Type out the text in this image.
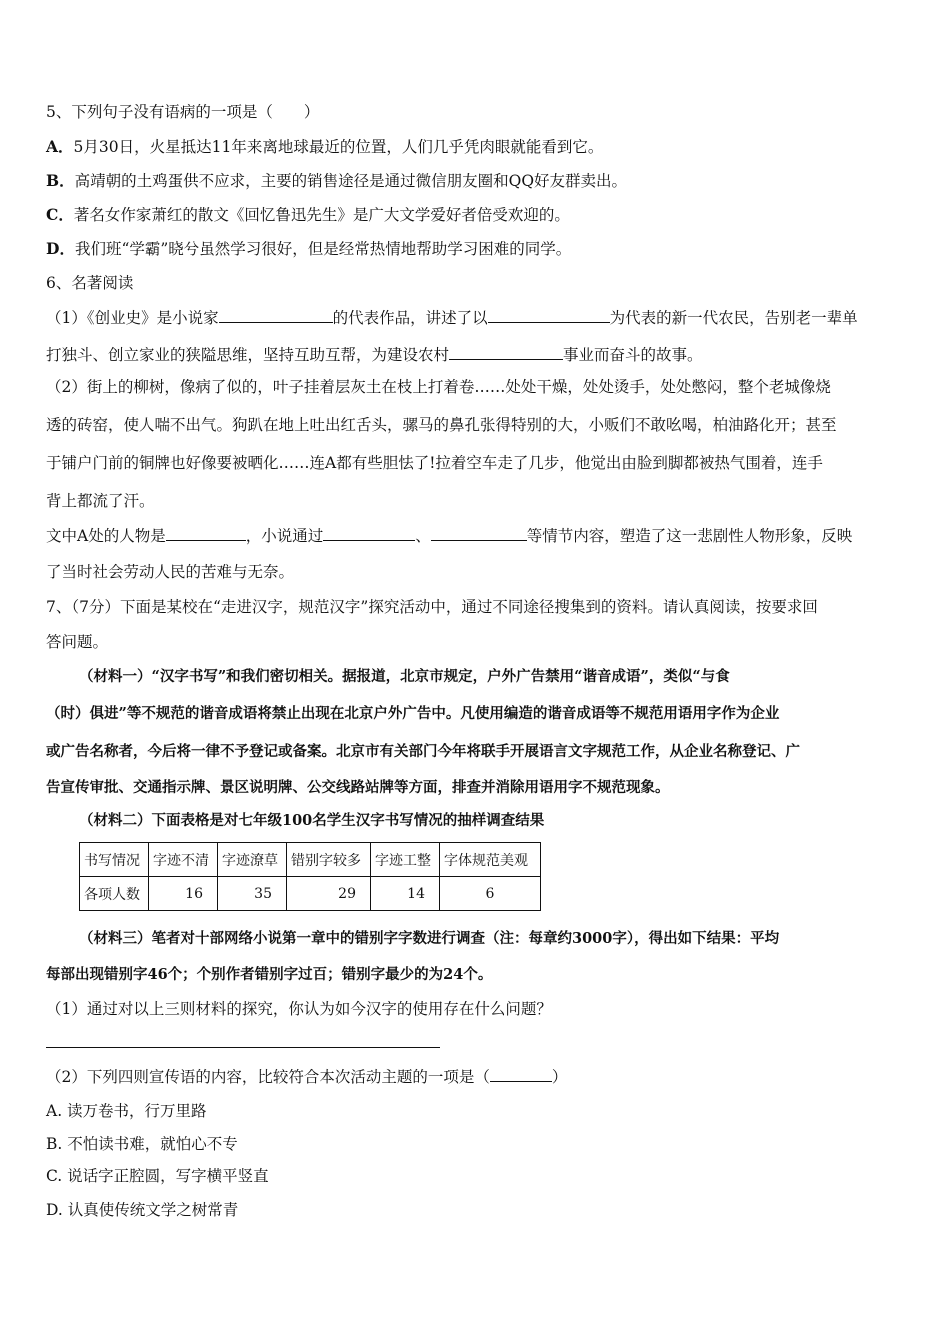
5、下列句子没有语病的一项是（　　）
A．5月30日，火星抵达11年来离地球最近的位置，人们几乎凭肉眼就能看到它。
B．高靖朝的土鸡蛋供不应求，主要的销售途径是通过微信朋友圈和QQ好友群卖出。
C．著名女作家萧红的散文《回忆鲁迅先生》是广大文学爱好者倍受欢迎的。
D．我们班“学霸”晓兮虽然学习很好，但是经常热情地帮助学习困难的同学。
6、名著阅读
（1）《创业史》是小说家	的代表作品，讲述了以	为代表的新一代农民，告别老一辈单
打独斗、创立家业的狭隘思维，坚持互助互帮，为建设农村	事业而奋斗的故事。
（2）街上的柳树，像病了似的，叶子挂着层灰土在枝上打着卷……处处干燥，处处烫手，处处憋闷，整个老城像烧
透的砖窑，使人喘不出气。狗趴在地上吐出红舌头，骡马的鼻孔张得特别的大，小贩们不敢吆喝，柏油路化开；甚至
于铺户门前的铜牌也好像要被晒化……连A都有些胆怯了!拉着空车走了几步，他觉出由脸到脚都被热气围着，连手
背上都流了汗。
文中A处的人物是	，小说通过	、	等情节内容，塑造了这一悲剧性人物形象，反映
了当时社会劳动人民的苦难与无奈。
7、（7分）下面是某校在“走进汉字，规范汉字”探究活动中，通过不同途径搜集到的资料。请认真阅读，按要求回
答问题。
（材料一）“汉字书写”和我们密切相关。据报道，北京市规定，户外广告禁用“谐音成语”，类似“与食
（时）俱进”等不规范的谐音成语将禁止出现在北京户外广告中。凡使用编造的谐音成语等不规范用语用字作为企业
或广告名称者，今后将一律不予登记或备案。北京市有关部门今年将联手开展语言文字规范工作，从企业名称登记、广
告宣传审批、交通指示牌、景区说明牌、公交线路站牌等方面，排查并消除用语用字不规范现象。
（材料二）下面表格是对七年级100名学生汉字书写情况的抽样调查结果
书写情况	字迹不清	字迹潦草	错别字较多	字迹工整	字体规范美观
各项人数	16	35	29	14	6
（材料三）笔者对十部网络小说第一章中的错别字字数进行调查（注：每章约3000字），得出如下结果：平均
每部出现错别字46个；个别作者错别字过百；错别字最少的为24个。
（1）通过对以上三则材料的探究，你认为如今汉字的使用存在什么问题？
（2）下列四则宣传语的内容，比较符合本次活动主题的一项是（	）
A. 读万卷书，行万里路
B. 不怕读书难，就怕心不专
C. 说话字正腔圆，写字横平竖直
D. 认真使传统文学之树常青
